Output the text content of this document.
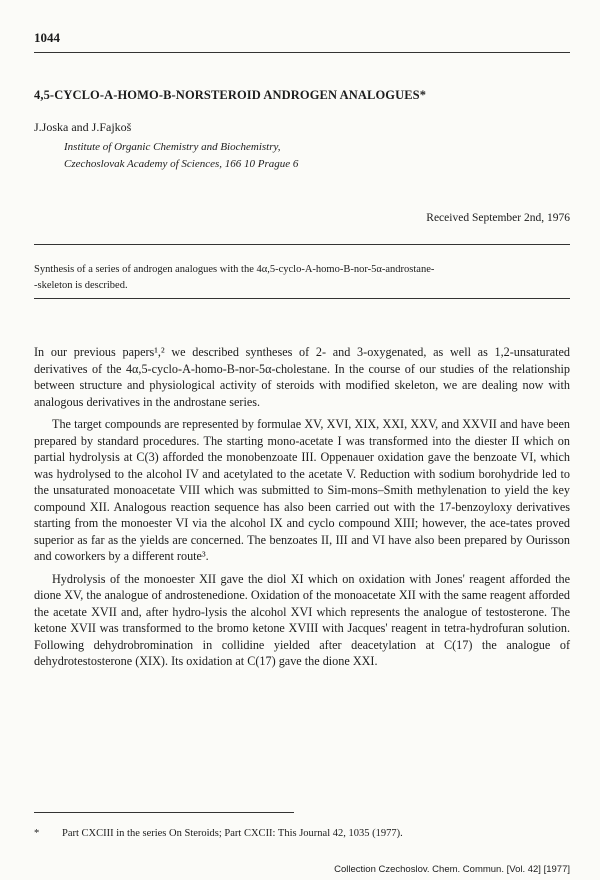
1044
4,5-CYCLO-A-HOMO-B-NORSTEROID ANDROGEN ANALOGUES*
J.Joska and J.Fajkoš
Institute of Organic Chemistry and Biochemistry,
Czechoslovak Academy of Sciences, 166 10 Prague 6
Received September 2nd, 1976
Synthesis of a series of androgen analogues with the 4α,5-cyclo-A-homo-B-nor-5α-androstane-
-skeleton is described.

In our previous papers¹,² we described syntheses of 2- and 3-oxygenated, as well as 1,2-unsaturated derivatives of the 4α,5-cyclo-A-homo-B-nor-5α-cholestane. In the course of our studies of the relationship between structure and physiological activity of steroids with modified skeleton, we are dealing now with analogous derivatives in the androstane series.

The target compounds are represented by formulae XV, XVI, XIX, XXI, XXV, and XXVII and have been prepared by standard procedures. The starting mono-acetate I was transformed into the diester II which on partial hydrolysis at C(3) afforded the monobenzoate III. Oppenauer oxidation gave the benzoate VI, which was hydrolysed to the alcohol IV and acetylated to the acetate V. Reduction with sodium borohydride led to the unsaturated monoacetate VIII which was submitted to Sim-mons–Smith methylenation to yield the key compound XII. Analogous reaction sequence has also been carried out with the 17-benzoyloxy derivatives starting from the monoester VI via the alcohol IX and cyclo compound XIII; however, the ace-tates proved superior as far as the yields are concerned. The benzoates II, III and VI have also been prepared by Ourisson and coworkers by a different route³.

Hydrolysis of the monoester XII gave the diol XI which on oxidation with Jones' reagent afforded the dione XV, the analogue of androstenedione. Oxidation of the monoacetate XII with the same reagent afforded the acetate XVII and, after hydro-lysis the alcohol XVI which represents the analogue of testosterone. The ketone XVII was transformed to the bromo ketone XVIII with Jacques' reagent in tetra-hydrofuran solution. Following dehydrobromination in collidine yielded after deacetylation at C(17) the analogue of dehydrotestosterone (XIX). Its oxidation at C(17) gave the dione XXI.

* Part CXCIII in the series On Steroids; Part CXCII: This Journal 42, 1035 (1977).
Collection Czechoslov. Chem. Commun. [Vol. 42] [1977]
